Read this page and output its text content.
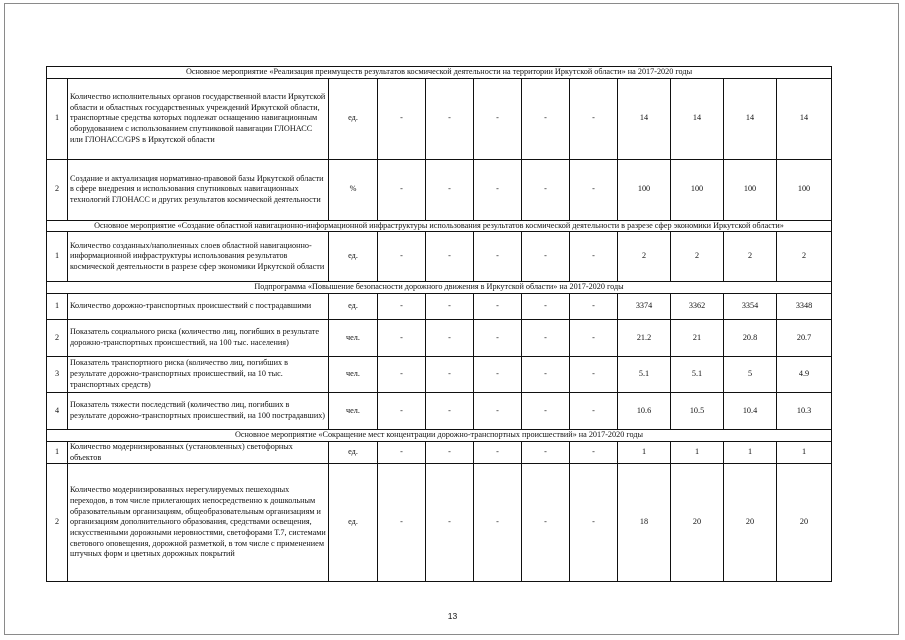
Основное мероприятие «Реализация преимуществ результатов космической деятельности на территории Иркутской области» на 2017-2020 годы											
1	Количество исполнительных органов государственной власти Иркутской области и областных государственных учреждений Иркутской области, транспортные средства которых подлежат оснащению навигационным оборудованием с использованием спутниковой навигации ГЛОНАСС или ГЛОНАСС/GPS в Иркутской области	ед.	-	-	-	-	-	14	14	14	14
2	Создание и актуализация нормативно-правовой базы Иркутской области в сфере внедрения и использования спутниковых навигационных технологий ГЛОНАСС и других результатов космической деятельности	%	-	-	-	-	-	100	100	100	100
Основное мероприятие «Создание областной навигационно-информационной инфраструктуры использования результатов космической деятельности в разрезе сфер экономики Иркутской области»											
1	Количество созданных/наполненных слоев областной навигационно-информационной инфраструктуры использования результатов космической деятельности в разрезе сфер экономики Иркутской области	ед.	-	-	-	-	-	2	2	2	2
Подпрограмма «Повышение безопасности дорожного движения в Иркутской области» на 2017-2020 годы											
1	Количество дорожно-транспортных происшествий с пострадавшими	ед.	-	-	-	-	-	3374	3362	3354	3348
2	Показатель социального риска (количество лиц, погибших в результате дорожно-транспортных происшествий, на 100 тыс. населения)	чел.	-	-	-	-	-	21.2	21	20.8	20.7
3	Показатель транспортного риска (количество лиц, погибших в результате дорожно-транспортных происшествий, на 10 тыс. транспортных средств)	чел.	-	-	-	-	-	5.1	5.1	5	4.9
4	Показатель тяжести последствий (количество лиц, погибших в результате дорожно-транспортных происшествий, на 100 пострадавших)	чел.	-	-	-	-	-	10.6	10.5	10.4	10.3
Основное мероприятие «Сокращение мест концентрации дорожно-транспортных происшествий» на 2017-2020 годы											
1	Количество модернизированных (установленных) светофорных объектов	ед.	-	-	-	-	-	1	1	1	1
2	Количество модернизированных нерегулируемых пешеходных переходов, в том числе прилегающих непосредственно к дошкольным образовательным организациям, общеобразовательным организациям и организациям дополнительного образования, средствами освещения, искусственными дорожными неровностями, светофорами Т.7, системами светового оповещения, дорожной разметкой, в том числе с применением штучных форм и цветных дорожных покрытий	ед.	-	-	-	-	-	18	20	20	20
13
